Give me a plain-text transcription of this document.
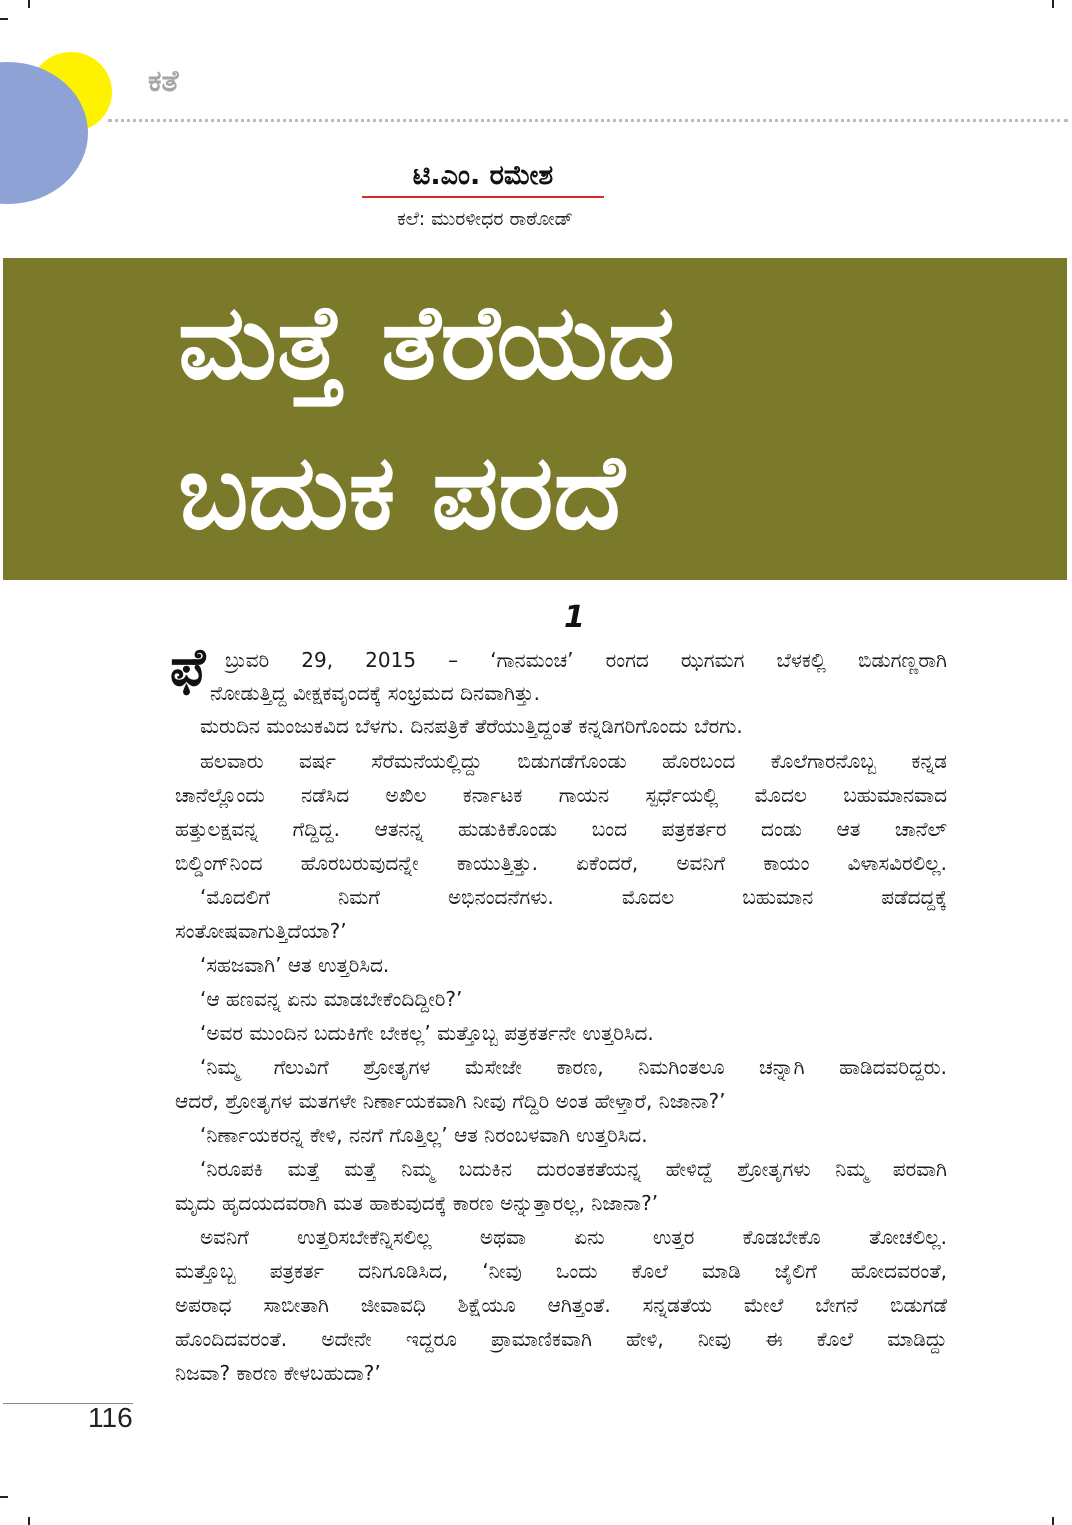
ಕತೆ
ಟಿ.ಎಂ. ರಮೇಶ
ಕಲೆ: ಮುರಳೀಧರ ರಾಠೋಡ್
ಮತ್ತೆ ತೆರೆಯದ
ಬದುಕ ಪರದೆ
1
ಫೆ ಬ್ರುವರಿ 29, 2015 – ‘ಗಾನಮಂಚ’ ರಂಗದ ಝಗಮಗ ಬೆಳಕಲ್ಲಿ ಬಿಡುಗಣ್ಣರಾಗಿ
ನೋಡುತ್ತಿದ್ದ ವೀಕ್ಷಕವೃಂದಕ್ಕೆ ಸಂಭ್ರಮದ ದಿನವಾಗಿತ್ತು.
ಮರುದಿನ ಮಂಜುಕವಿದ ಬೆಳಗು. ದಿನಪತ್ರಿಕೆ ತೆರೆಯುತ್ತಿದ್ದಂತೆ ಕನ್ನಡಿಗರಿಗೊಂದು ಬೆರಗು.
ಹಲವಾರು ವರ್ಷ ಸೆರೆಮನೆಯಲ್ಲಿದ್ದು ಬಿಡುಗಡೆಗೊಂಡು ಹೊರಬಂದ ಕೊಲೆಗಾರನೊಬ್ಬ ಕನ್ನಡ
ಚಾನೆಲ್ಲೊಂದು ನಡೆಸಿದ ಅಖಿಲ ಕರ್ನಾಟಕ ಗಾಯನ ಸ್ಪರ್ಧೆಯಲ್ಲಿ ಮೊದಲ ಬಹುಮಾನವಾದ
ಹತ್ತುಲಕ್ಷವನ್ನ ಗೆದ್ದಿದ್ದ. ಆತನನ್ನ ಹುಡುಕಿಕೊಂಡು ಬಂದ ಪತ್ರಕರ್ತರ ದಂಡು ಆತ ಚಾನೆಲ್
ಬಿಲ್ಡಿಂಗ್‌ನಿಂದ ಹೊರಬರುವುದನ್ನೇ ಕಾಯುತ್ತಿತ್ತು. ಏಕೆಂದರೆ, ಅವನಿಗೆ ಕಾಯಂ ವಿಳಾಸವಿರಲಿಲ್ಲ.
‘ಮೊದಲಿಗೆ ನಿಮಗೆ ಅಭಿನಂದನೆಗಳು. ಮೊದಲ ಬಹುಮಾನ ಪಡೆದದ್ದಕ್ಕೆ
ಸಂತೋಷವಾಗುತ್ತಿದೆಯಾ?’
‘ಸಹಜವಾಗಿ’ ಆತ ಉತ್ತರಿಸಿದ.
‘ಆ ಹಣವನ್ನ ಏನು ಮಾಡಬೇಕೆಂದಿದ್ದೀರಿ?’
‘ಅವರ ಮುಂದಿನ ಬದುಕಿಗೇ ಬೇಕಲ್ಲ’ ಮತ್ತೊಬ್ಬ ಪತ್ರಕರ್ತನೇ ಉತ್ತರಿಸಿದ.
‘ನಿಮ್ಮ ಗೆಲುವಿಗೆ ಶ್ರೋತೃಗಳ ಮೆಸೇಜೇ ಕಾರಣ, ನಿಮಗಿಂತಲೂ ಚನ್ನಾಗಿ ಹಾಡಿದವರಿದ್ದರು.
ಆದರೆ, ಶ್ರೋತೃಗಳ ಮತಗಳೇ ನಿರ್ಣಾಯಕವಾಗಿ ನೀವು ಗೆದ್ದಿರಿ ಅಂತ ಹೇಳ್ತಾರೆ, ನಿಜಾನಾ?’
‘ನಿರ್ಣಾಯಕರನ್ನ ಕೇಳಿ, ನನಗೆ ಗೊತ್ತಿಲ್ಲ’ ಆತ ನಿರಂಬಳವಾಗಿ ಉತ್ತರಿಸಿದ.
‘ನಿರೂಪಕಿ ಮತ್ತೆ ಮತ್ತೆ ನಿಮ್ಮ ಬದುಕಿನ ದುರಂತಕತೆಯನ್ನ ಹೇಳಿದ್ದೆ ಶ್ರೋತೃಗಳು ನಿಮ್ಮ ಪರವಾಗಿ
ಮೃದು ಹೃದಯದವರಾಗಿ ಮತ ಹಾಕುವುದಕ್ಕೆ ಕಾರಣ ಅನ್ನುತ್ತಾರಲ್ಲ, ನಿಜಾನಾ?’
ಅವನಿಗೆ ಉತ್ತರಿಸಬೇಕೆನ್ನಿಸಲಿಲ್ಲ ಅಥವಾ ಏನು ಉತ್ತರ ಕೊಡಬೇಕೊ ತೋಚಲಿಲ್ಲ.
ಮತ್ತೊಬ್ಬ ಪತ್ರಕರ್ತ ದನಿಗೂಡಿಸಿದ, ‘ನೀವು ಒಂದು ಕೊಲೆ ಮಾಡಿ ಜೈಲಿಗೆ ಹೋದವರಂತೆ,
ಅಪರಾಧ ಸಾಬೀತಾಗಿ ಜೀವಾವಧಿ ಶಿಕ್ಷೆಯೂ ಆಗಿತ್ತಂತೆ. ಸನ್ನಡತೆಯ ಮೇಲೆ ಬೇಗನೆ ಬಿಡುಗಡೆ
ಹೊಂದಿದವರಂತೆ. ಅದೇನೇ ಇದ್ದರೂ ಪ್ರಾಮಾಣಿಕವಾಗಿ ಹೇಳಿ, ನೀವು ಈ ಕೊಲೆ ಮಾಡಿದ್ದು
ನಿಜವಾ? ಕಾರಣ ಕೇಳಬಹುದಾ?’
116
